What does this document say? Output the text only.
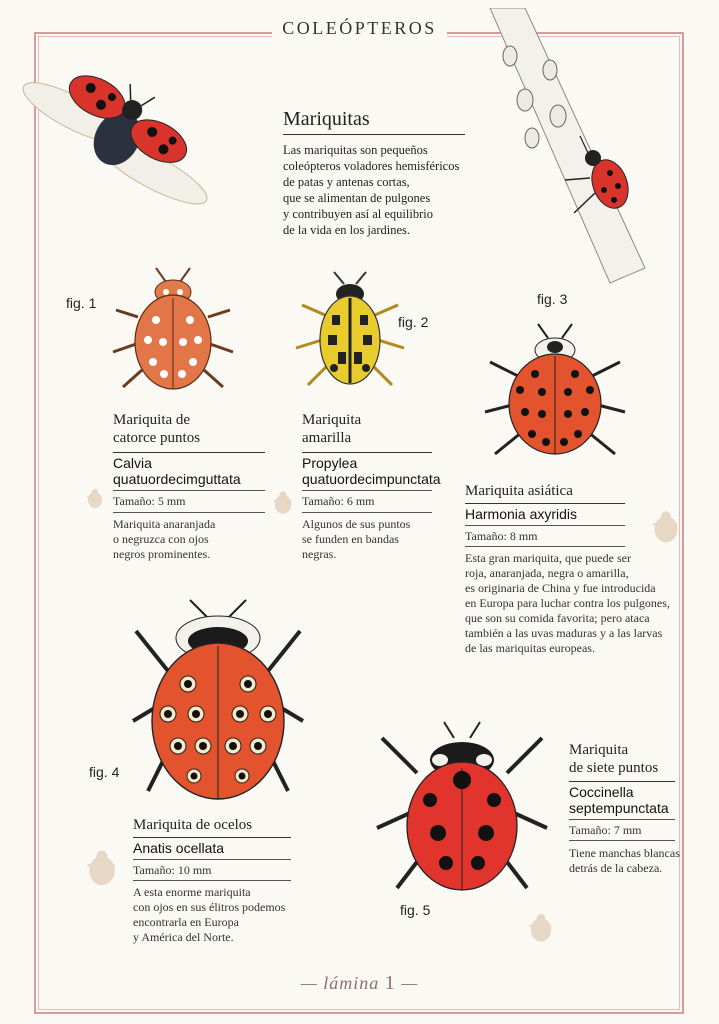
COLEÓPTEROS
Mariquitas
Las mariquitas son pequeños
coleópteros voladores hemisféricos
de patas y antenas cortas,
que se alimentan de pulgones
y contribuyen así al equilibrio
de la vida en los jardines.
fig. 1
Mariquita de
catorce puntos
Calvia
quatuordecimguttata
Tamaño: 5 mm
Mariquita anaranjada
o negruzca con ojos
negros prominentes.
fig. 2
Mariquita
amarilla
Propylea
quatuordecimpunctata
Tamaño: 6 mm
Algunos de sus puntos
se funden en bandas
negras.
fig. 3
Mariquita asiática
Harmonia axyridis
Tamaño: 8 mm
Esta gran mariquita, que puede ser
roja, anaranjada, negra o amarilla,
es originaria de China y fue introducida
en Europa para luchar contra los pulgones,
que son su comida favorita; pero ataca
también a las uvas maduras y a las larvas
de las mariquitas europeas.
fig. 4
Mariquita de ocelos
Anatis ocellata
Tamaño: 10 mm
A esta enorme mariquita
con ojos en sus élitros podemos
encontrarla en Europa
y América del Norte.
fig. 5
Mariquita
de siete puntos
Coccinella
septempunctata
Tamaño: 7 mm
Tiene manchas blancas
detrás de la cabeza.
— lámina 1 —
